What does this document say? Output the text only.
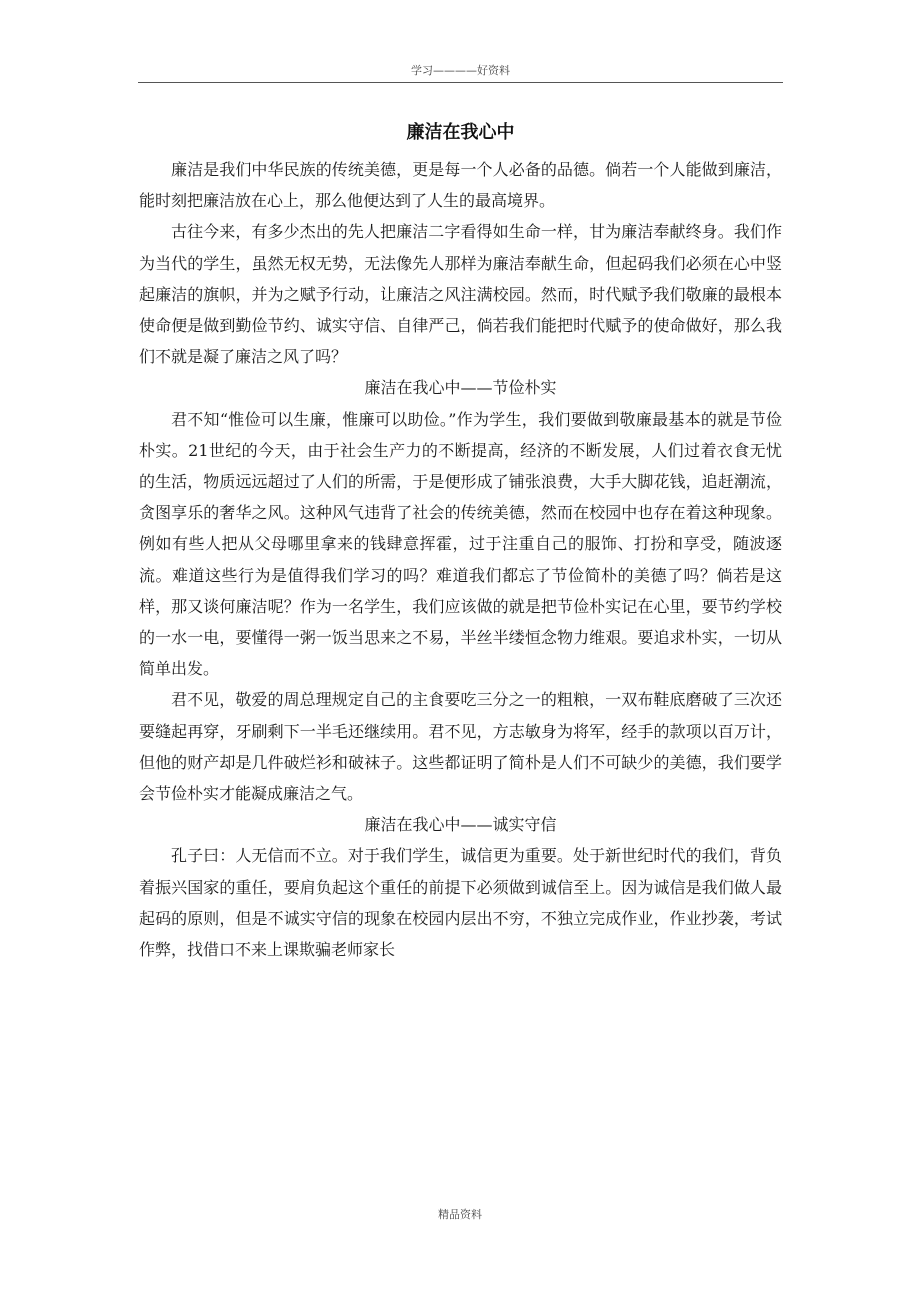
学习————好资料
廉洁在我心中

廉洁是我们中华民族的传统美德，更是每一个人必备的品德。倘若一个人能做到廉洁，能时刻把廉洁放在心上，那么他便达到了人生的最高境界。

古往今来，有多少杰出的先人把廉洁二字看得如生命一样，甘为廉洁奉献终身。我们作为当代的学生，虽然无权无势，无法像先人那样为廉洁奉献生命，但起码我们必须在心中竖起廉洁的旗帜，并为之赋予行动，让廉洁之风注满校园。然而，时代赋予我们敬廉的最根本使命便是做到勤俭节约、诚实守信、自律严己，倘若我们能把时代赋予的使命做好，那么我们不就是凝了廉洁之风了吗？

廉洁在我心中——节俭朴实

君不知“惟俭可以生廉，惟廉可以助俭。”作为学生，我们要做到敬廉最基本的就是节俭朴实。21世纪的今天，由于社会生产力的不断提高，经济的不断发展，人们过着衣食无忧的生活，物质远远超过了人们的所需，于是便形成了铺张浪费，大手大脚花钱，追赶潮流，贪图享乐的奢华之风。这种风气违背了社会的传统美德，然而在校园中也存在着这种现象。例如有些人把从父母哪里拿来的钱肆意挥霍，过于注重自己的服饰、打扮和享受，随波逐流。难道这些行为是值得我们学习的吗？难道我们都忘了节俭简朴的美德了吗？倘若是这样，那又谈何廉洁呢？作为一名学生，我们应该做的就是把节俭朴实记在心里，要节约学校的一水一电，要懂得一粥一饭当思来之不易，半丝半缕恒念物力维艰。要追求朴实，一切从简单出发。

君不见，敬爱的周总理规定自己的主食要吃三分之一的粗粮，一双布鞋底磨破了三次还要缝起再穿，牙刷剩下一半毛还继续用。君不见，方志敏身为将军，经手的款项以百万计，但他的财产却是几件破烂衫和破袜子。这些都证明了简朴是人们不可缺少的美德，我们要学会节俭朴实才能凝成廉洁之气。

廉洁在我心中——诚实守信

孔子曰：人无信而不立。对于我们学生，诚信更为重要。处于新世纪时代的我们，背负着振兴国家的重任，要肩负起这个重任的前提下必须做到诚信至上。因为诚信是我们做人最起码的原则，但是不诚实守信的现象在校园内层出不穷，不独立完成作业，作业抄袭，考试作弊，找借口不来上课欺骗老师家长

精品资料
